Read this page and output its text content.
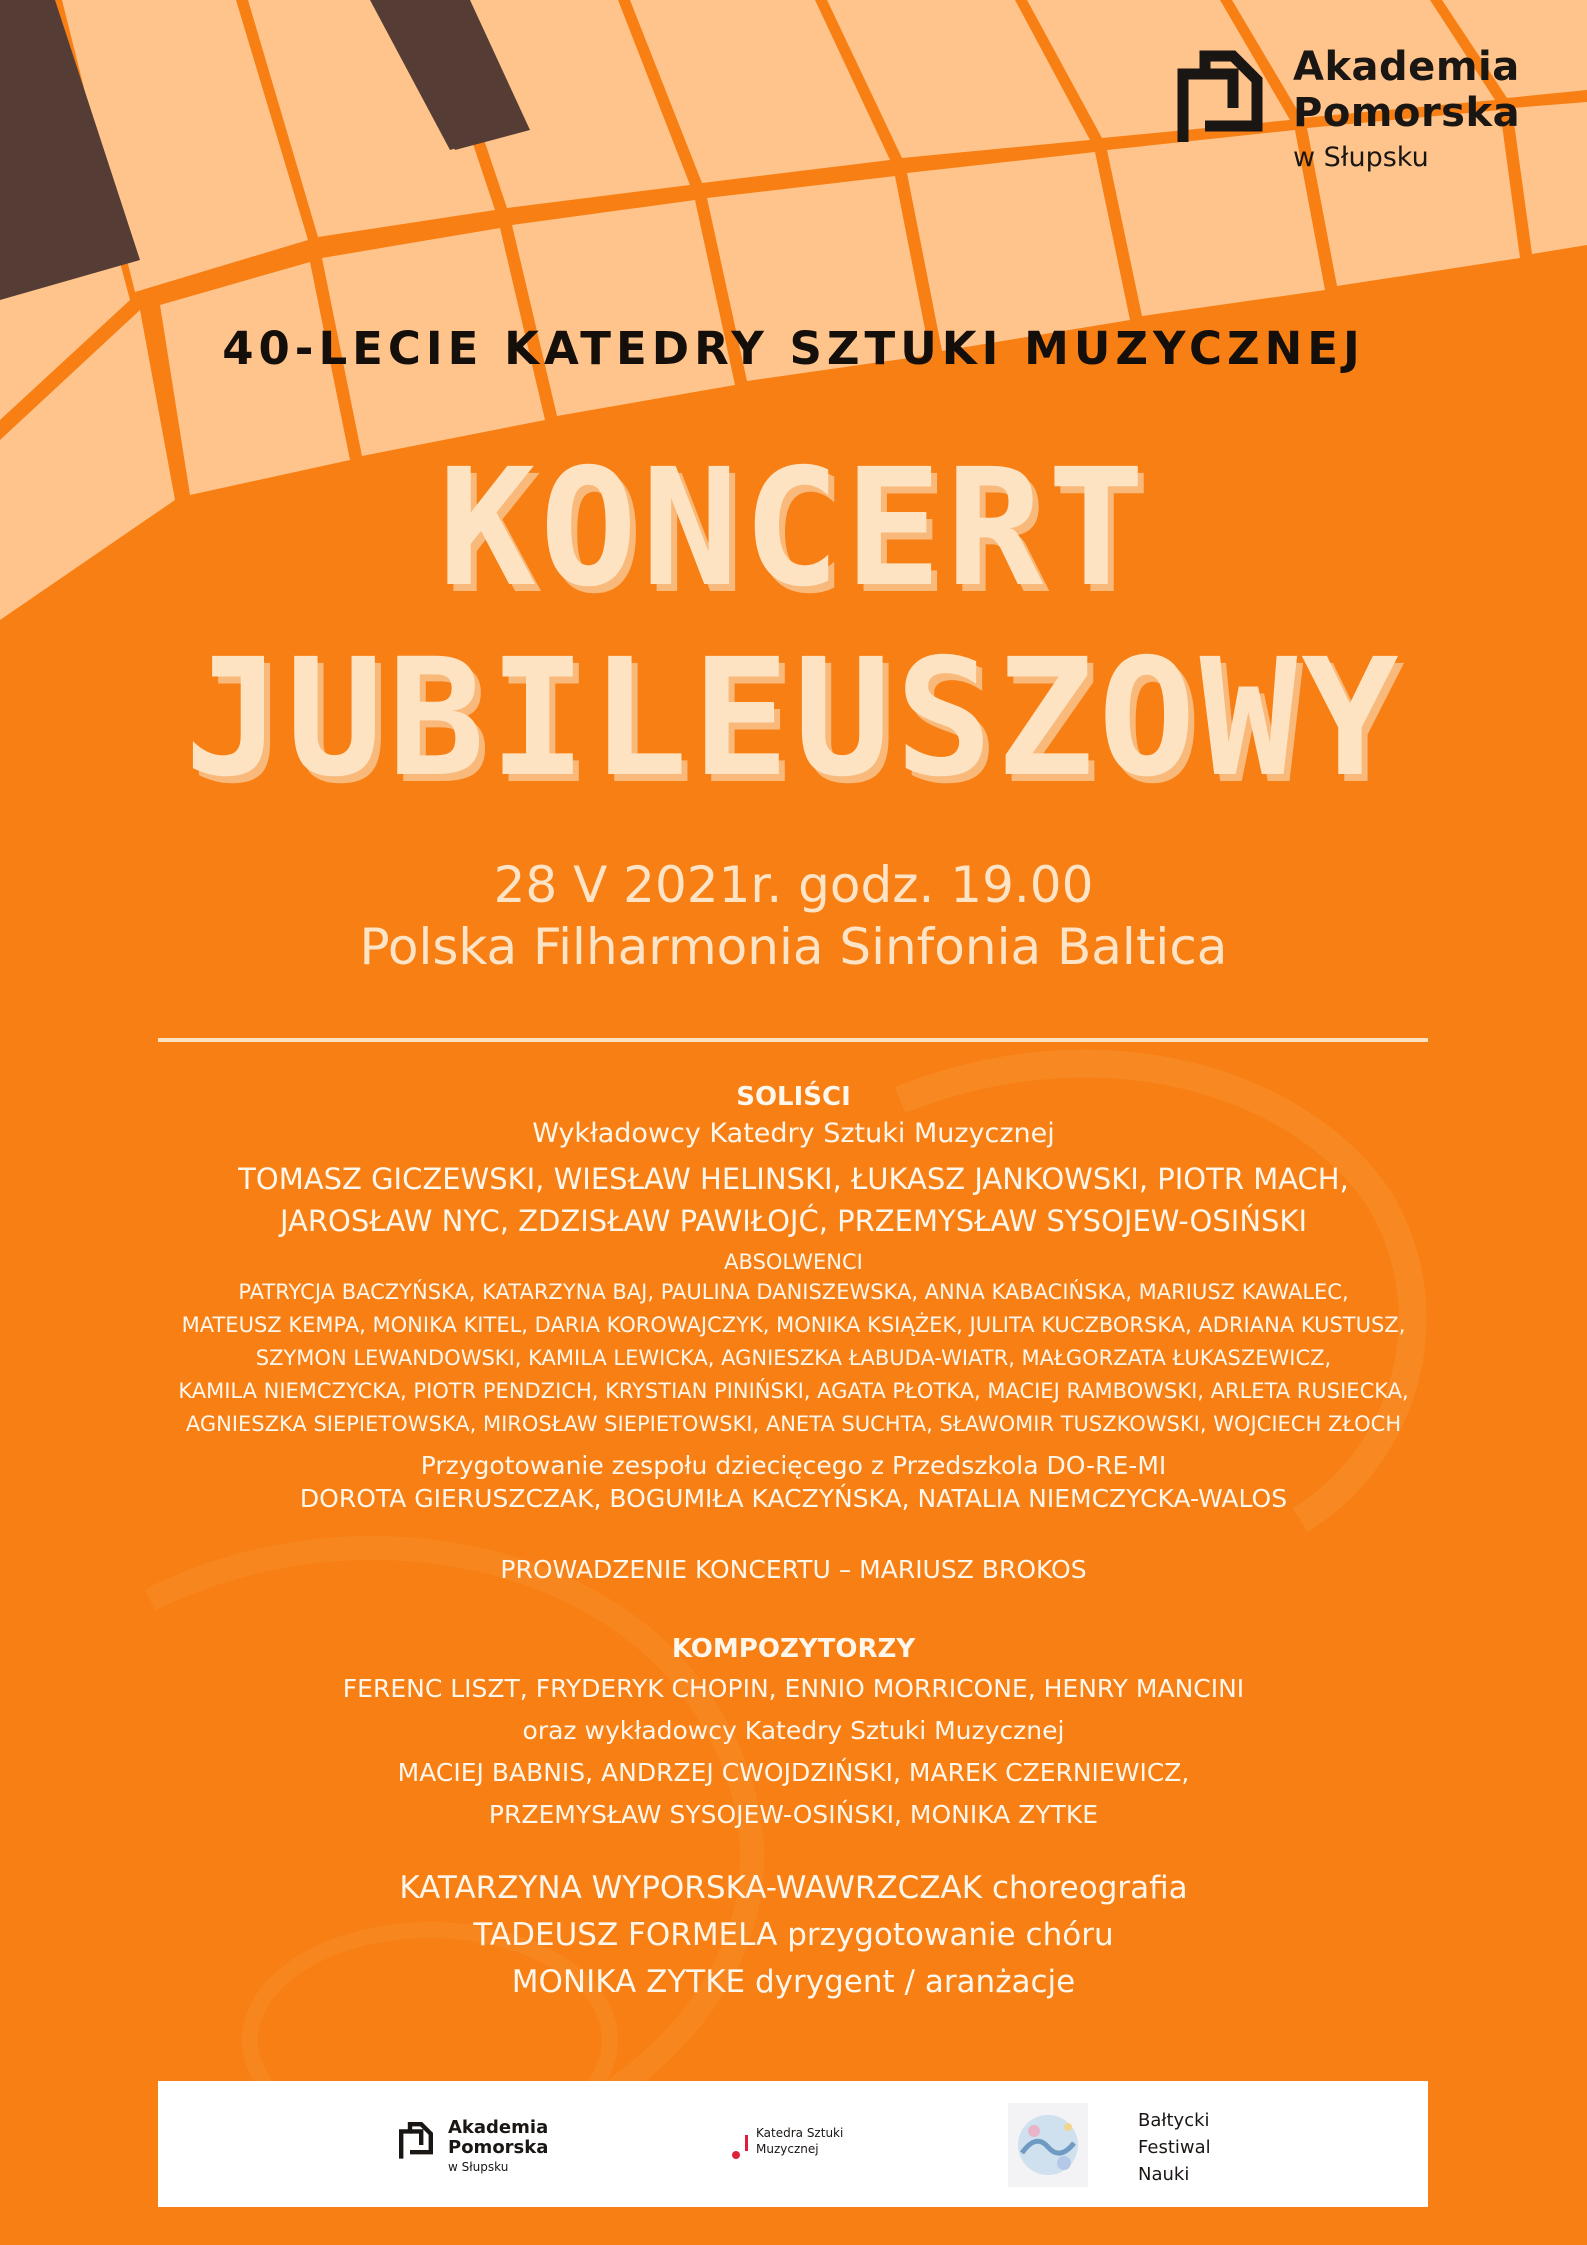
Akademia
Pomorska
w Słupsku
40-LECIE KATEDRY SZTUKI MUZYCZNEJ
KONCERT
JUBILEUSZOWY
28 V 2021r. godz. 19.00
Polska Filharmonia Sinfonia Baltica
SOLIŚCI
Wykładowcy Katedry Sztuki Muzycznej
TOMASZ GICZEWSKI, WIESŁAW HELINSKI, ŁUKASZ JANKOWSKI, PIOTR MACH,
JAROSŁAW NYC, ZDZISŁAW PAWIŁOJĆ, PRZEMYSŁAW SYSOJEW-OSIŃSKI
ABSOLWENCI
PATRYCJA BACZYŃSKA, KATARZYNA BAJ, PAULINA DANISZEWSKA, ANNA KABACIŃSKA, MARIUSZ KAWALEC,
MATEUSZ KEMPA, MONIKA KITEL, DARIA KOROWAJCZYK, MONIKA KSIĄŻEK, JULITA KUCZBORSKA, ADRIANA KUSTUSZ,
SZYMON LEWANDOWSKI, KAMILA LEWICKA, AGNIESZKA ŁABUDA-WIATR, MAŁGORZATA ŁUKASZEWICZ,
KAMILA NIEMCZYCKA, PIOTR PENDZICH, KRYSTIAN PINIŃSKI, AGATA PŁOTKA, MACIEJ RAMBOWSKI, ARLETA RUSIECKA,
AGNIESZKA SIEPIETOWSKA, MIROSŁAW SIEPIETOWSKI, ANETA SUCHTA, SŁAWOMIR TUSZKOWSKI, WOJCIECH ZŁOCH
Przygotowanie zespołu dziecięcego z Przedszkola DO-RE-MI
DOROTA GIERUSZCZAK, BOGUMIŁA KACZYŃSKA, NATALIA NIEMCZYCKA-WALOS
PROWADZENIE KONCERTU – MARIUSZ BROKOS
KOMPOZYTORZY
FERENC LISZT, FRYDERYK CHOPIN, ENNIO MORRICONE, HENRY MANCINI
oraz wykładowcy Katedry Sztuki Muzycznej
MACIEJ BABNIS, ANDRZEJ CWOJDZIŃSKI, MAREK CZERNIEWICZ,
PRZEMYSŁAW SYSOJEW-OSIŃSKI, MONIKA ZYTKE
KATARZYNA WYPORSKA-WAWRZCZAK choreografia
TADEUSZ FORMELA przygotowanie chóru
MONIKA ZYTKE dyrygent / aranżacje
Akademia
Pomorska
w Słupsku
Katedra Sztuki
Muzycznej
Bałtycki
Festiwal
Nauki
